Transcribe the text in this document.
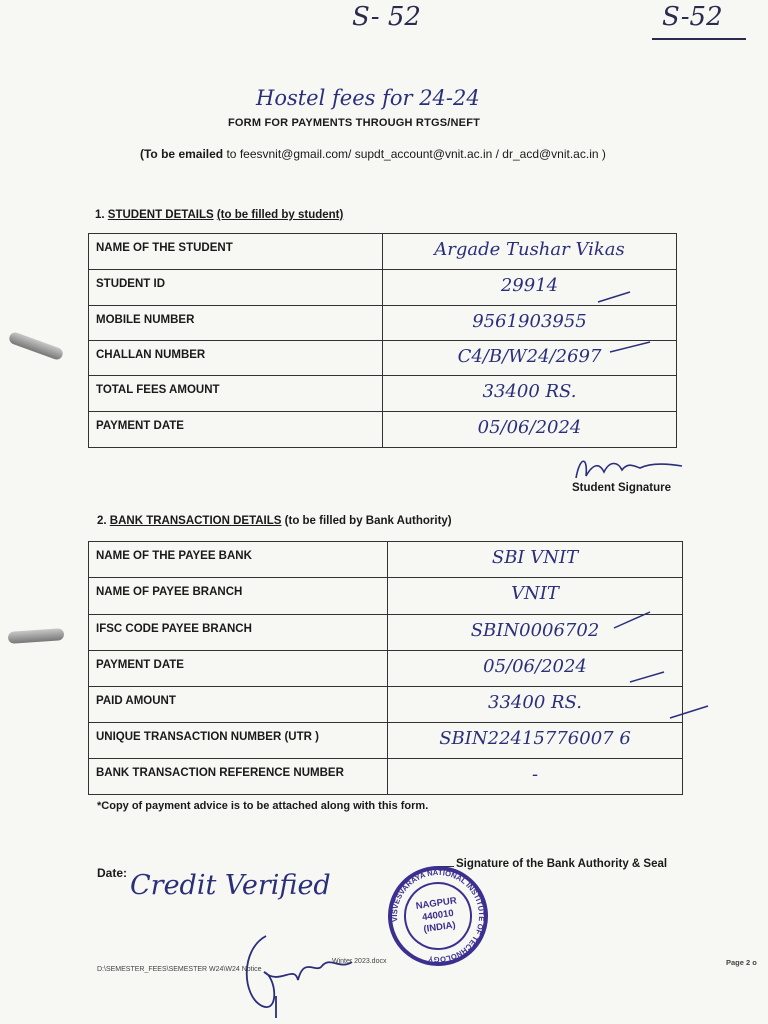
S- 52	S-52
Hostel fees for 24-24
FORM FOR PAYMENTS THROUGH RTGS/NEFT
(To be emailed to feesvnit@gmail.com/ supdt_account@vnit.ac.in / dr_acd@vnit.ac.in )
1. STUDENT DETAILS (to be filled by student)
NAME OF THE STUDENT	Argade Tushar Vikas
STUDENT ID	29914
MOBILE NUMBER	9561903955
CHALLAN NUMBER	C4/B/W24/2697
TOTAL FEES AMOUNT	33400 RS.
PAYMENT DATE	05/06/2024
Student Signature
2. BANK TRANSACTION DETAILS (to be filled by Bank Authority)
NAME OF THE PAYEE BANK	SBI VNIT
NAME OF PAYEE BRANCH	VNIT
IFSC CODE PAYEE BRANCH	SBIN0006702
PAYMENT DATE	05/06/2024
PAID AMOUNT	33400 RS.
UNIQUE TRANSACTION NUMBER (UTR )	SBIN22415776007 6
BANK TRANSACTION REFERENCE NUMBER	-
*Copy of payment advice is to be attached along with this form.
Date:
Signature of the Bank Authority & Seal
Credit Verified
NAGPUR
440010
(INDIA)
VISVESVARAYA NATIONAL INSTITUTE OF TECHNOLOGY
D:\SEMESTER_FEES\SEMESTER W24\W24 Notice
Winter 2023.docx	Page 2 o
